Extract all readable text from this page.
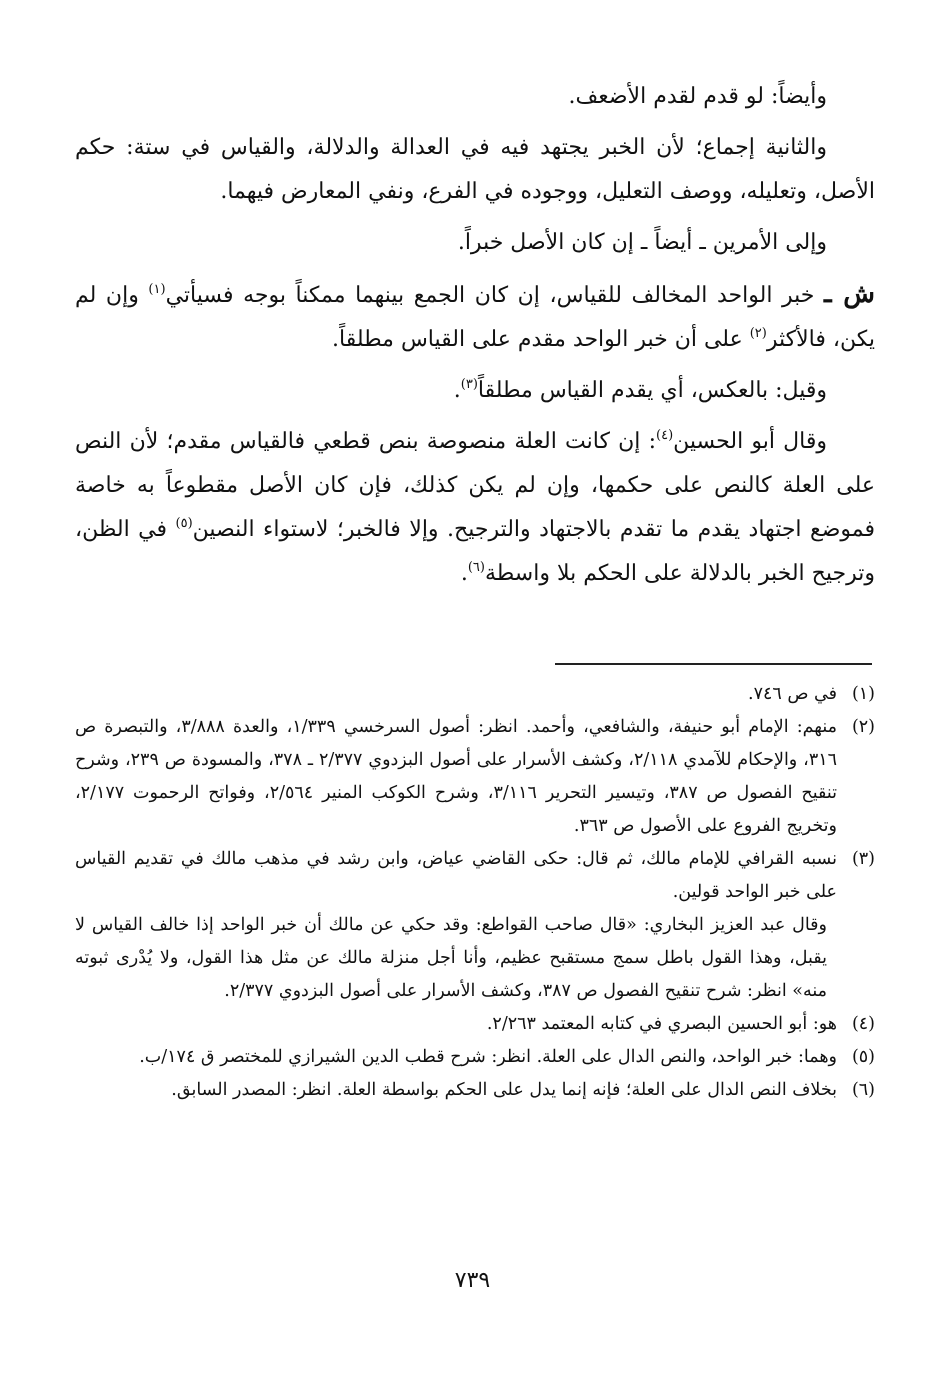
وأيضاً: لو قدم لقدم الأضعف.

والثانية إجماع؛ لأن الخبر يجتهد فيه في العدالة والدلالة، والقياس في ستة: حكم الأصل، وتعليله، ووصف التعليل، ووجوده في الفرع، ونفي المعارض فيهما.

وإلى الأمرين ـ أيضاً ـ إن كان الأصل خبراً.

ش ـ خبر الواحد المخالف للقياس، إن كان الجمع بينهما ممكناً بوجه فسيأتي$^{(١)}$ وإن لم يكن، فالأكثر$^{(٢)}$ على أن خبر الواحد مقدم على القياس مطلقاً.

وقيل: بالعكس، أي يقدم القياس مطلقاً$^{(٣)}$.

وقال أبو الحسين$^{(٤)}$: إن كانت العلة منصوصة بنص قطعي فالقياس مقدم؛ لأن النص على العلة كالنص على حكمها، وإن لم يكن كذلك، فإن كان الأصل مقطوعاً به خاصة فموضع اجتهاد يقدم ما تقدم بالاجتهاد والترجيح. وإلا فالخبر؛ لاستواء النصين$^{(٥)}$ في الظن، وترجيح الخبر بالدلالة على الحكم بلا واسطة$^{(٦)}$.

(١)
في ص ٧٤٦.
(٢)
منهم: الإمام أبو حنيفة، والشافعي، وأحمد. انظر: أصول السرخسي ١/٣٣٩، والعدة ٣/٨٨٨، والتبصرة ص ٣١٦، والإحكام للآمدي ٢/١١٨، وكشف الأسرار على أصول البزدوي ٢/٣٧٧ ـ ٣٧٨، والمسودة ص ٢٣٩، وشرح تنقيح الفصول ص ٣٨٧، وتيسير التحرير ٣/١١٦، وشرح الكوكب المنير ٢/٥٦٤، وفواتح الرحموت ٢/١٧٧، وتخريج الفروع على الأصول ص ٣٦٣.
(٣)
نسبه القرافي للإمام مالك، ثم قال: حكى القاضي عياض، وابن رشد في مذهب مالك في تقديم القياس على خبر الواحد قولين.
وقال عبد العزيز البخاري: «قال صاحب القواطع: وقد حكي عن مالك أن خبر الواحد إذا خالف القياس لا يقبل، وهذا القول باطل سمج مستقبح عظيم، وأنا أجل منزلة مالك عن مثل هذا القول، ولا يُدْرى ثبوته منه» انظر: شرح تنقيح الفصول ص ٣٨٧، وكشف الأسرار على أصول البزدوي ٢/٣٧٧.
(٤)
هو: أبو الحسين البصري في كتابه المعتمد ٢/٢٦٣.
(٥)
وهما: خبر الواحد، والنص الدال على العلة. انظر: شرح قطب الدين الشيرازي للمختصر ق ١٧٤/ب.
(٦)
بخلاف النص الدال على العلة؛ فإنه إنما يدل على الحكم بواسطة العلة. انظر: المصدر السابق.
٧٣٩
